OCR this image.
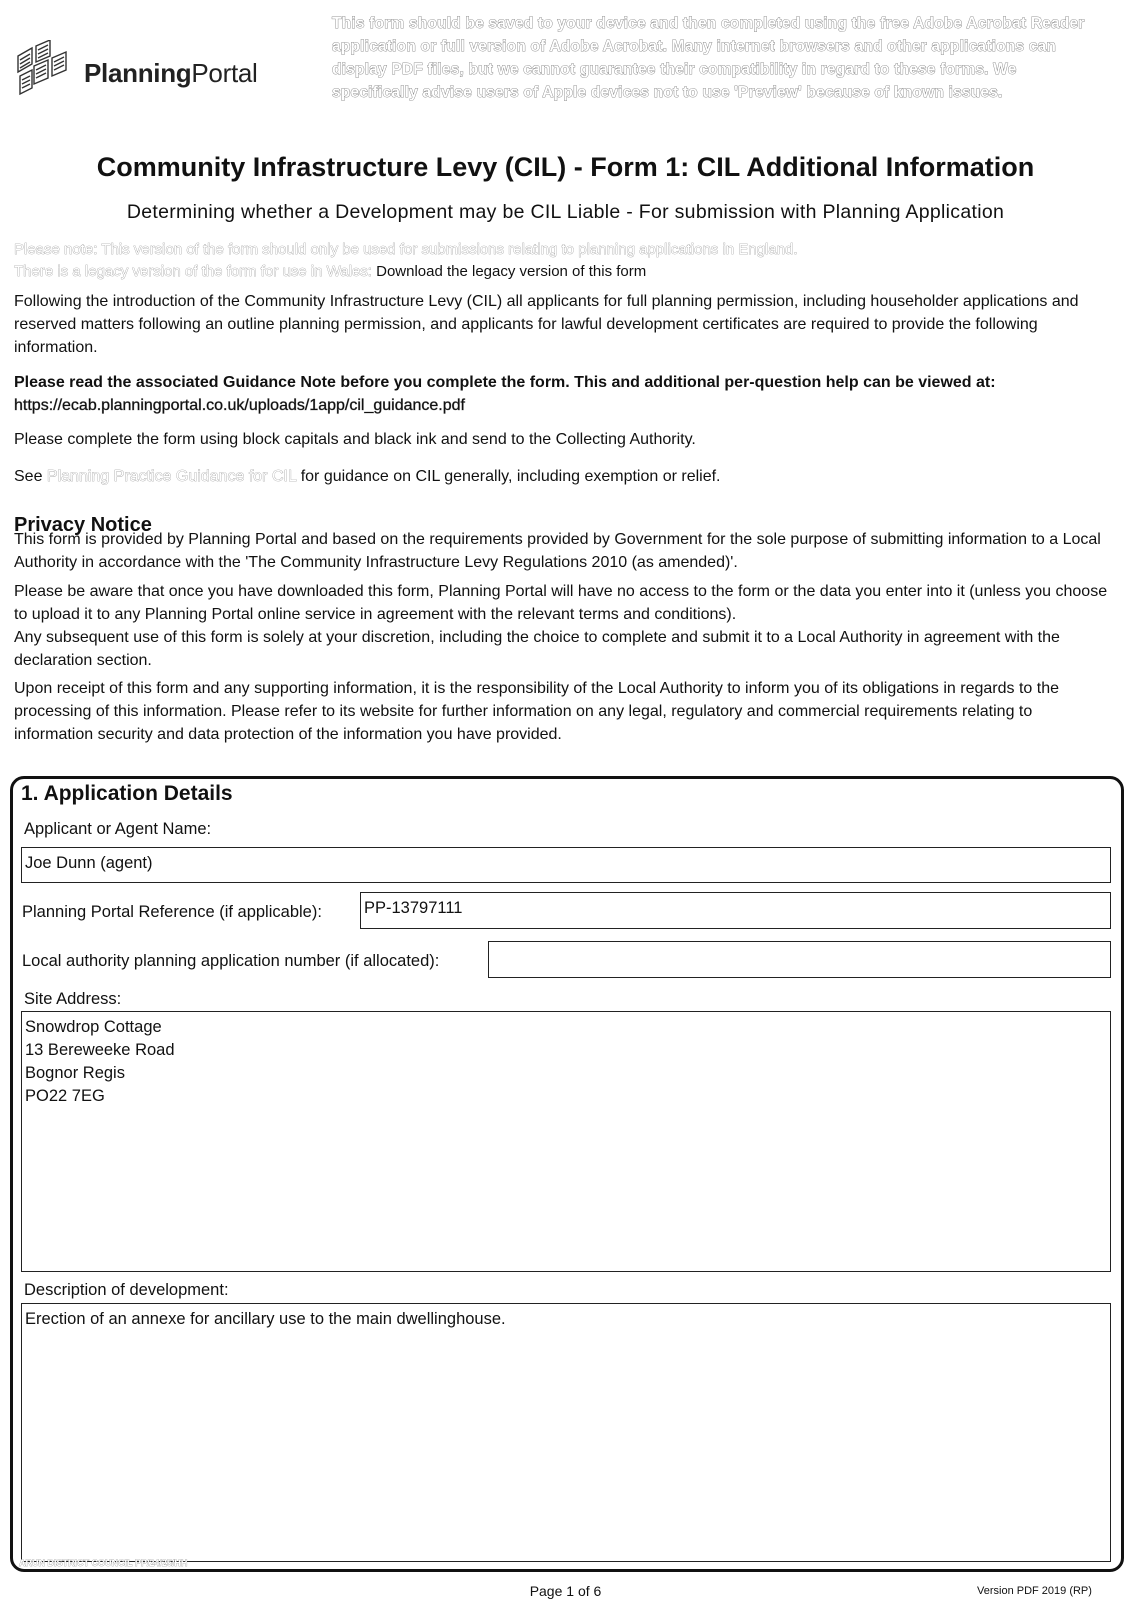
PlanningPortal
This form should be saved to your device and then completed using the free Adobe Acrobat Reader application or full version of Adobe Acrobat. Many internet browsers and other applications can display PDF files, but we cannot guarantee their compatibility in regard to these forms. We specifically advise users of Apple devices not to use 'Preview' because of known issues.
Community Infrastructure Levy (CIL) - Form 1: CIL Additional Information
Determining whether a Development may be CIL Liable - For submission with Planning Application
Please note: This version of the form should only be used for submissions relating to planning applications in England.
There is a legacy version of the form for use in Wales: Download the legacy version of this form
Following the introduction of the Community Infrastructure Levy (CIL) all applicants for full planning permission, including householder applications and reserved matters following an outline planning permission, and applicants for lawful development certificates are required to provide the following information.
Please read the associated Guidance Note before you complete the form. This and additional per-question help can be viewed at:
https://ecab.planningportal.co.uk/uploads/1app/cil_guidance.pdf
Please complete the form using block capitals and black ink and send to the Collecting Authority.
See Planning Practice Guidance for CIL for guidance on CIL generally, including exemption or relief.
Privacy Notice
This form is provided by Planning Portal and based on the requirements provided by Government for the sole purpose of submitting information to a Local Authority in accordance with the 'The Community Infrastructure Levy Regulations 2010 (as amended)'.
Please be aware that once you have downloaded this form, Planning Portal will have no access to the form or the data you enter into it (unless you choose to upload it to any Planning Portal online service in agreement with the relevant terms and conditions).
Any subsequent use of this form is solely at your discretion, including the choice to complete and submit it to a Local Authority in agreement with the declaration section.
Upon receipt of this form and any supporting information, it is the responsibility of the Local Authority to inform you of its obligations in regards to the processing of this information. Please refer to its website for further information on any legal, regulatory and commercial requirements relating to information security and data protection of the information you have provided.
1. Application Details
Applicant or Agent Name:
Joe Dunn (agent)
Planning Portal Reference (if applicable):	PP-13797111
Local authority planning application number (if allocated):
Site Address:
Snowdrop Cottage
13 Bereweeke Road
Bognor Regis
PO22 7EG
Description of development:
Erection of an annexe for ancillary use to the main dwellinghouse.
ARUN DISTRICT COUNCIL PP/24/25/HH
Page 1 of 6	Version PDF 2019 (RP)
